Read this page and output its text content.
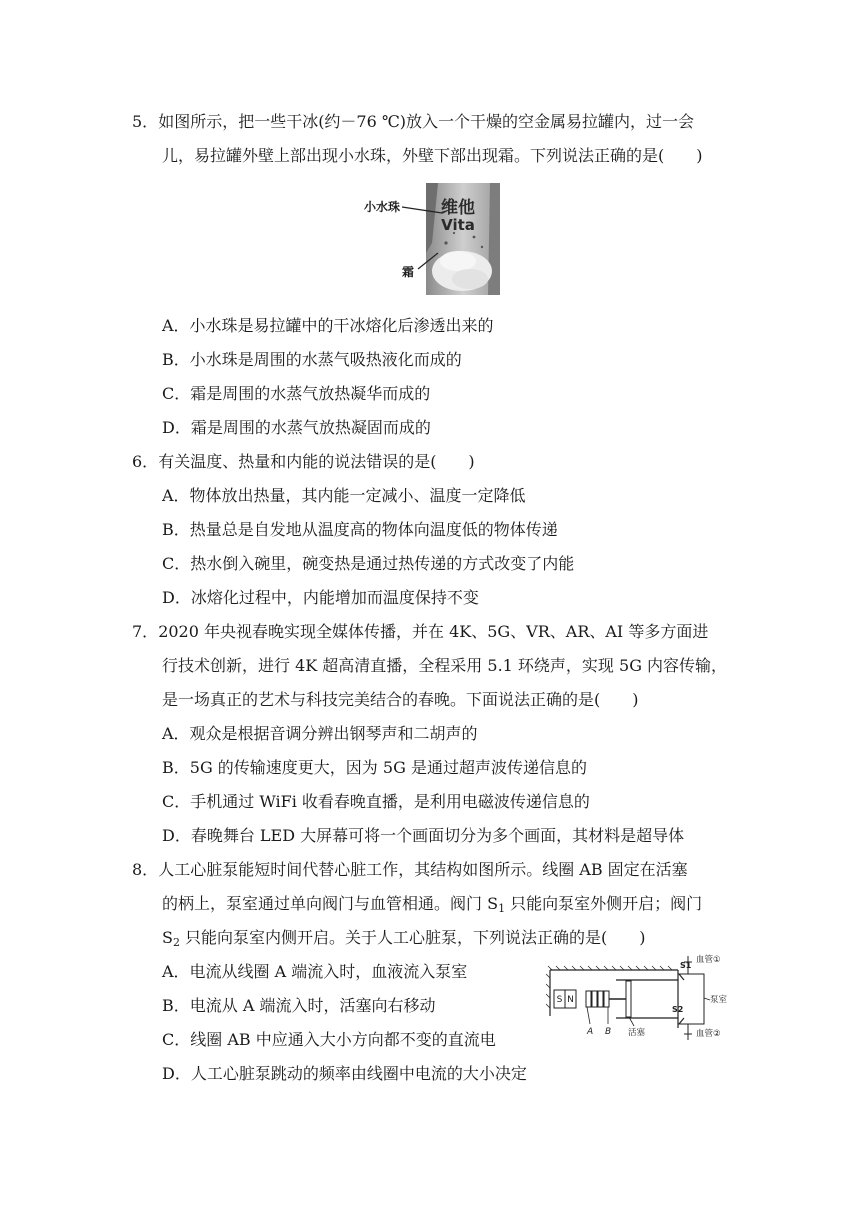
5．如图所示，把一些干冰(约－76 ℃)放入一个干燥的空金属易拉罐内，过一会
儿，易拉罐外壁上部出现小水珠，外壁下部出现霜。下列说法正确的是(　　)
维他
Vita
小水珠
霜
A．小水珠是易拉罐中的干冰熔化后渗透出来的
B．小水珠是周围的水蒸气吸热液化而成的
C．霜是周围的水蒸气放热凝华而成的
D．霜是周围的水蒸气放热凝固而成的
6．有关温度、热量和内能的说法错误的是(　　)
A．物体放出热量，其内能一定减小、温度一定降低
B．热量总是自发地从温度高的物体向温度低的物体传递
C．热水倒入碗里，碗变热是通过热传递的方式改变了内能
D．冰熔化过程中，内能增加而温度保持不变
7．2020 年央视春晚实现全媒体传播，并在 4K、5G、VR、AR、AI 等多方面进
行技术创新，进行 4K 超高清直播，全程采用 5.1 环绕声，实现 5G 内容传输，
是一场真正的艺术与科技完美结合的春晚。下面说法正确的是(　　)
A．观众是根据音调分辨出钢琴声和二胡声的
B．5G 的传输速度更大，因为 5G 是通过超声波传递信息的
C．手机通过 WiFi 收看春晚直播，是利用电磁波传递信息的
D．春晚舞台 LED 大屏幕可将一个画面切分为多个画面，其材料是超导体
8．人工心脏泵能短时间代替心脏工作，其结构如图所示。线圈 AB 固定在活塞
的柄上，泵室通过单向阀门与血管相通。阀门 $S_1$ 只能向泵室外侧开启；阀门
$S_2$ 只能向泵室内侧开启。关于人工心脏泵，下列说法正确的是(　　)
A．电流从线圈 A 端流入时，血液流入泵室
B．电流从 A 端流入时，活塞向右移动
C．线圈 AB 中应通入大小方向都不变的直流电
D．人工心脏泵跳动的频率由线圈中电流的大小决定
S N
S1
S2
血管①
血管②
泵室
A B 活塞
